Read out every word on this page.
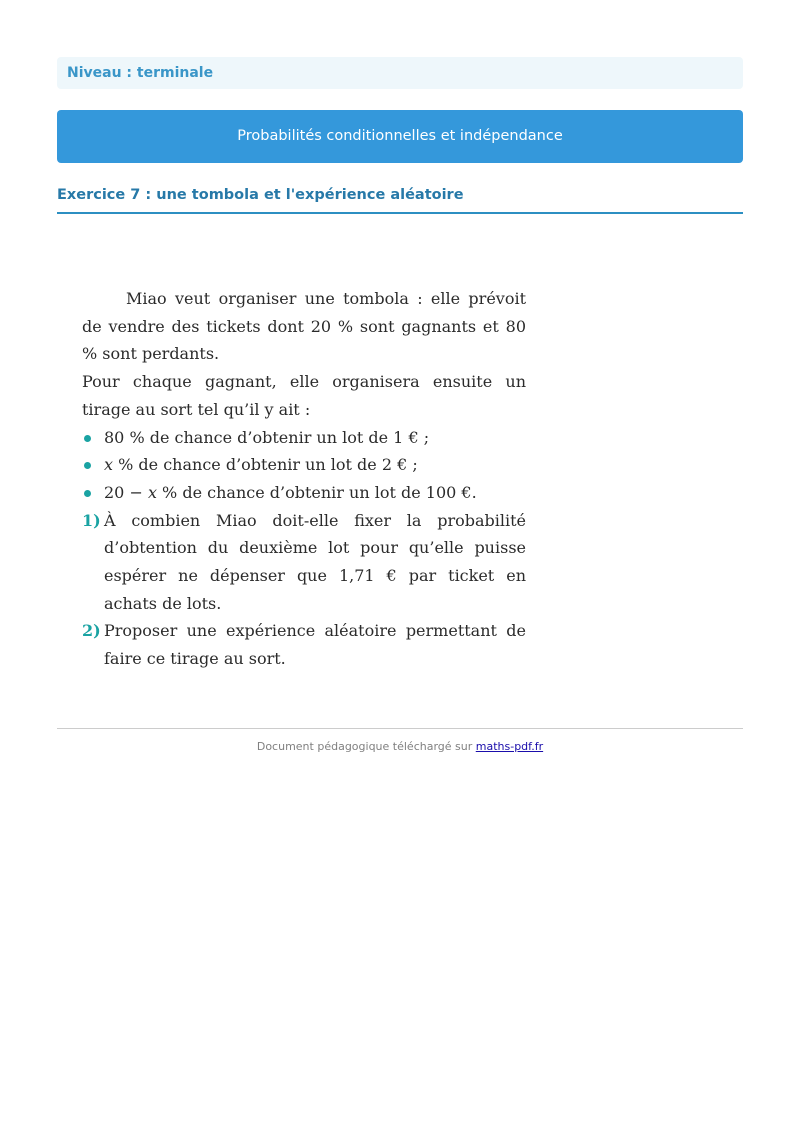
Niveau : terminale
Probabilités conditionnelles et indépendance
Exercice 7 : une tombola et l'expérience aléatoire

Miao veut organiser une tombola : elle prévoit de vendre des tickets dont 20 % sont gagnants et 80 % sont perdants.

Pour chaque gagnant, elle organisera ensuite un tirage au sort tel qu’il y ait :

80 % de chance d’obtenir un lot de 1 € ;
x % de chance d’obtenir un lot de 2 € ;
20 − x % de chance d’obtenir un lot de 100 €.
1) À combien Miao doit-elle fixer la probabilité d’obtention du deuxième lot pour qu’elle puisse espérer ne dépenser que 1,71 € par ticket en achats de lots.
2) Proposer une expérience aléatoire permettant de faire ce tirage au sort.
Document pédagogique téléchargé sur maths-pdf.fr
